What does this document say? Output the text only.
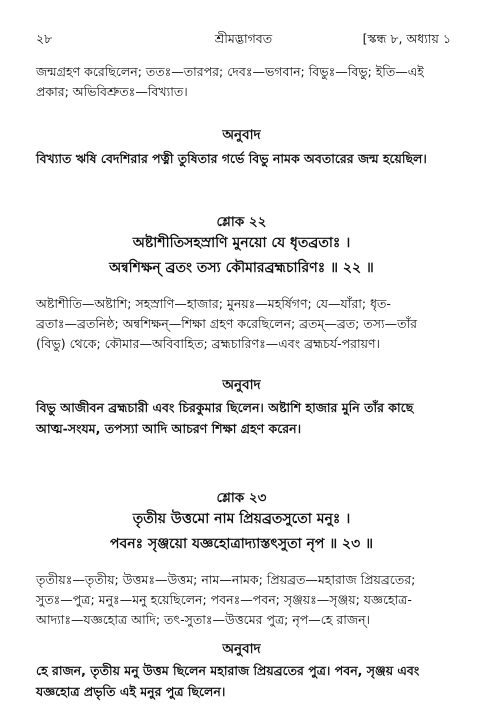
২৮	শ্রীমদ্ভাগবত	[স্কন্ধ ৮, অধ্যায় ১
জন্মগ্রহণ করেছিলেন; ততঃ—তারপর; দেবঃ—ভগবান; বিভুঃ—বিভু; ইতি—এই
প্রকার; অভিবিশ্রুতঃ—বিখ্যাত।
অনুবাদ
বিখ্যাত ঋষি বেদশিরার পত্নী তুষিতার গর্ভে বিভু নামক অবতারের জন্ম হয়েছিল।
শ্লোক ২২
অষ্টাশীতিসহস্রাণি মুনয়ো যে ধৃতব্রতাঃ ।
অন্বশিক্ষন্ ব্রতং তস্য কৌমারব্রহ্মচারিণঃ ॥ ২২ ॥
অষ্টাশীতি—অষ্টাশি; সহস্রাণি—হাজার; মুনয়ঃ—মহর্ষিগণ; যে—যাঁরা; ধৃত-
ব্রতাঃ—ব্রতনিষ্ঠ; অন্বশিক্ষন্—শিক্ষা গ্রহণ করেছিলেন; ব্রতম্—ব্রত; তস্য—তাঁর
(বিভু) থেকে; কৌমার—অবিবাহিত; ব্রহ্মচারিণঃ—এবং ব্রহ্মচর্য-পরায়ণ।
অনুবাদ
বিভু আজীবন ব্রহ্মচারী এবং চিরকুমার ছিলেন। অষ্টাশি হাজার মুনি তাঁর কাছে
আত্ম-সংযম, তপস্যা আদি আচরণ শিক্ষা গ্রহণ করেন।
শ্লোক ২৩
তৃতীয় উত্তমো নাম প্রিয়ব্রতসুতো মনুঃ ।
পবনঃ সৃঞ্জয়ো যজ্ঞহোত্রাদ্যাস্তৎসুতা নৃপ ॥ ২৩ ॥
তৃতীয়ঃ—তৃতীয়; উত্তমঃ—উত্তম; নাম—নামক; প্রিয়ব্রত—মহারাজ প্রিয়ব্রতের;
সুতঃ—পুত্র; মনুঃ—মনু হয়েছিলেন; পবনঃ—পবন; সৃঞ্জয়ঃ—সৃঞ্জয়; যজ্ঞহোত্র-
আদ্যাঃ—যজ্ঞহোত্র আদি; তৎ-সুতাঃ—উত্তমের পুত্র; নৃপ—হে রাজন্।
অনুবাদ
হে রাজন, তৃতীয় মনু উত্তম ছিলেন মহারাজ প্রিয়ব্রতের পুত্র। পবন, সৃঞ্জয় এবং
যজ্ঞহোত্র প্রভৃতি এই মনুর পুত্র ছিলেন।
